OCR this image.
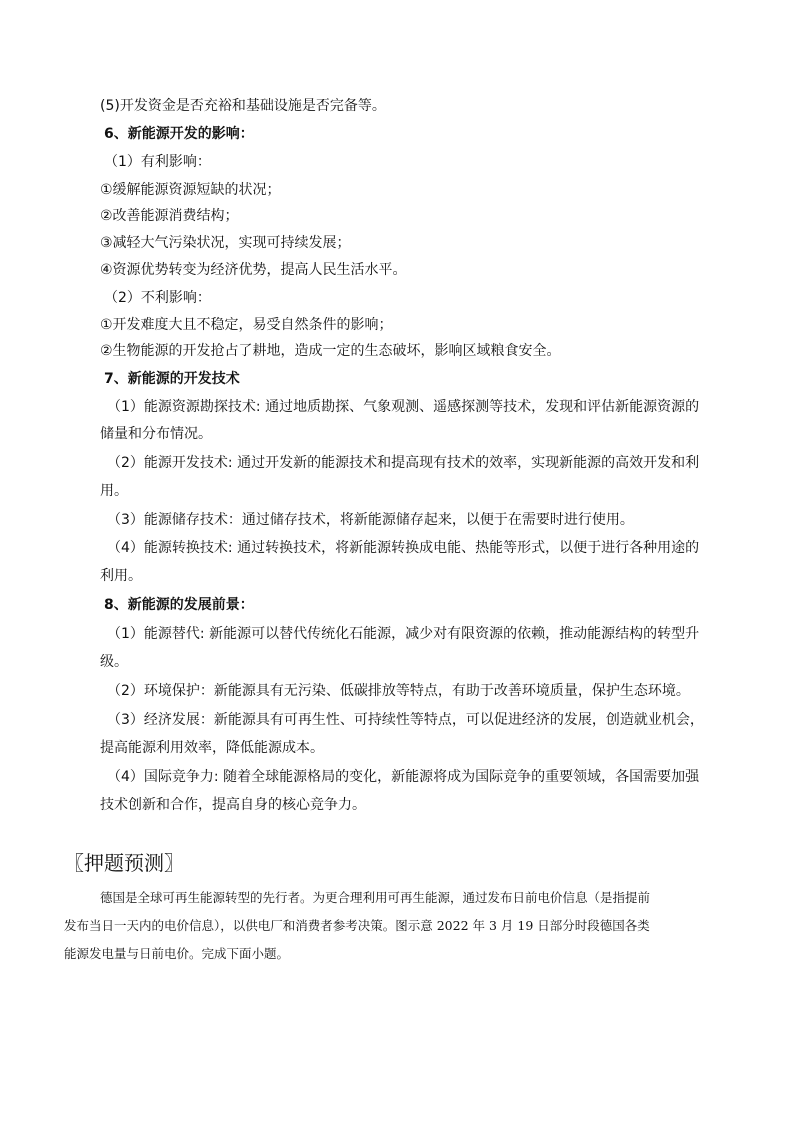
(5)开发资金是否充裕和基础设施是否完备等。
6、新能源开发的影响：
（1）有利影响：
①缓解能源资源短缺的状况；
②改善能源消费结构；
③减轻大气污染状况，实现可持续发展；
④资源优势转变为经济优势，提高人民生活水平。
（2）不利影响：
①开发难度大且不稳定，易受自然条件的影响；
②生物能源的开发抢占了耕地，造成一定的生态破坏，影响区域粮食安全。
7、新能源的开发技术
（1）能源资源勘探技术: 通过地质勘探、气象观测、遥感探测等技术，发现和评估新能源资源的
储量和分布情况。
（2）能源开发技术: 通过开发新的能源技术和提高现有技术的效率，实现新能源的高效开发和利
用。
（3）能源储存技术：通过储存技术，将新能源储存起来，以便于在需要时进行使用。
（4）能源转换技术: 通过转换技术，将新能源转换成电能、热能等形式，以便于进行各种用途的
利用。
8、新能源的发展前景：
（1）能源替代: 新能源可以替代传统化石能源，减少对有限资源的依赖，推动能源结构的转型升
级。
（2）环境保护：新能源具有无污染、低碳排放等特点，有助于改善环境质量，保护生态环境。
（3）经济发展：新能源具有可再生性、可持续性等特点，可以促进经济的发展，创造就业机会，
提高能源利用效率，降低能源成本。
（4）国际竞争力: 随着全球能源格局的变化，新能源将成为国际竞争的重要领域，各国需要加强
技术创新和合作，提高自身的核心竞争力。
〖押题预测〗
德国是全球可再生能源转型的先行者。为更合理利用可再生能源，通过发布日前电价信息（是指提前
发布当日一天内的电价信息），以供电厂和消费者参考决策。图示意 2022 年 3 月 19 日部分时段德国各类
能源发电量与日前电价。完成下面小题。
